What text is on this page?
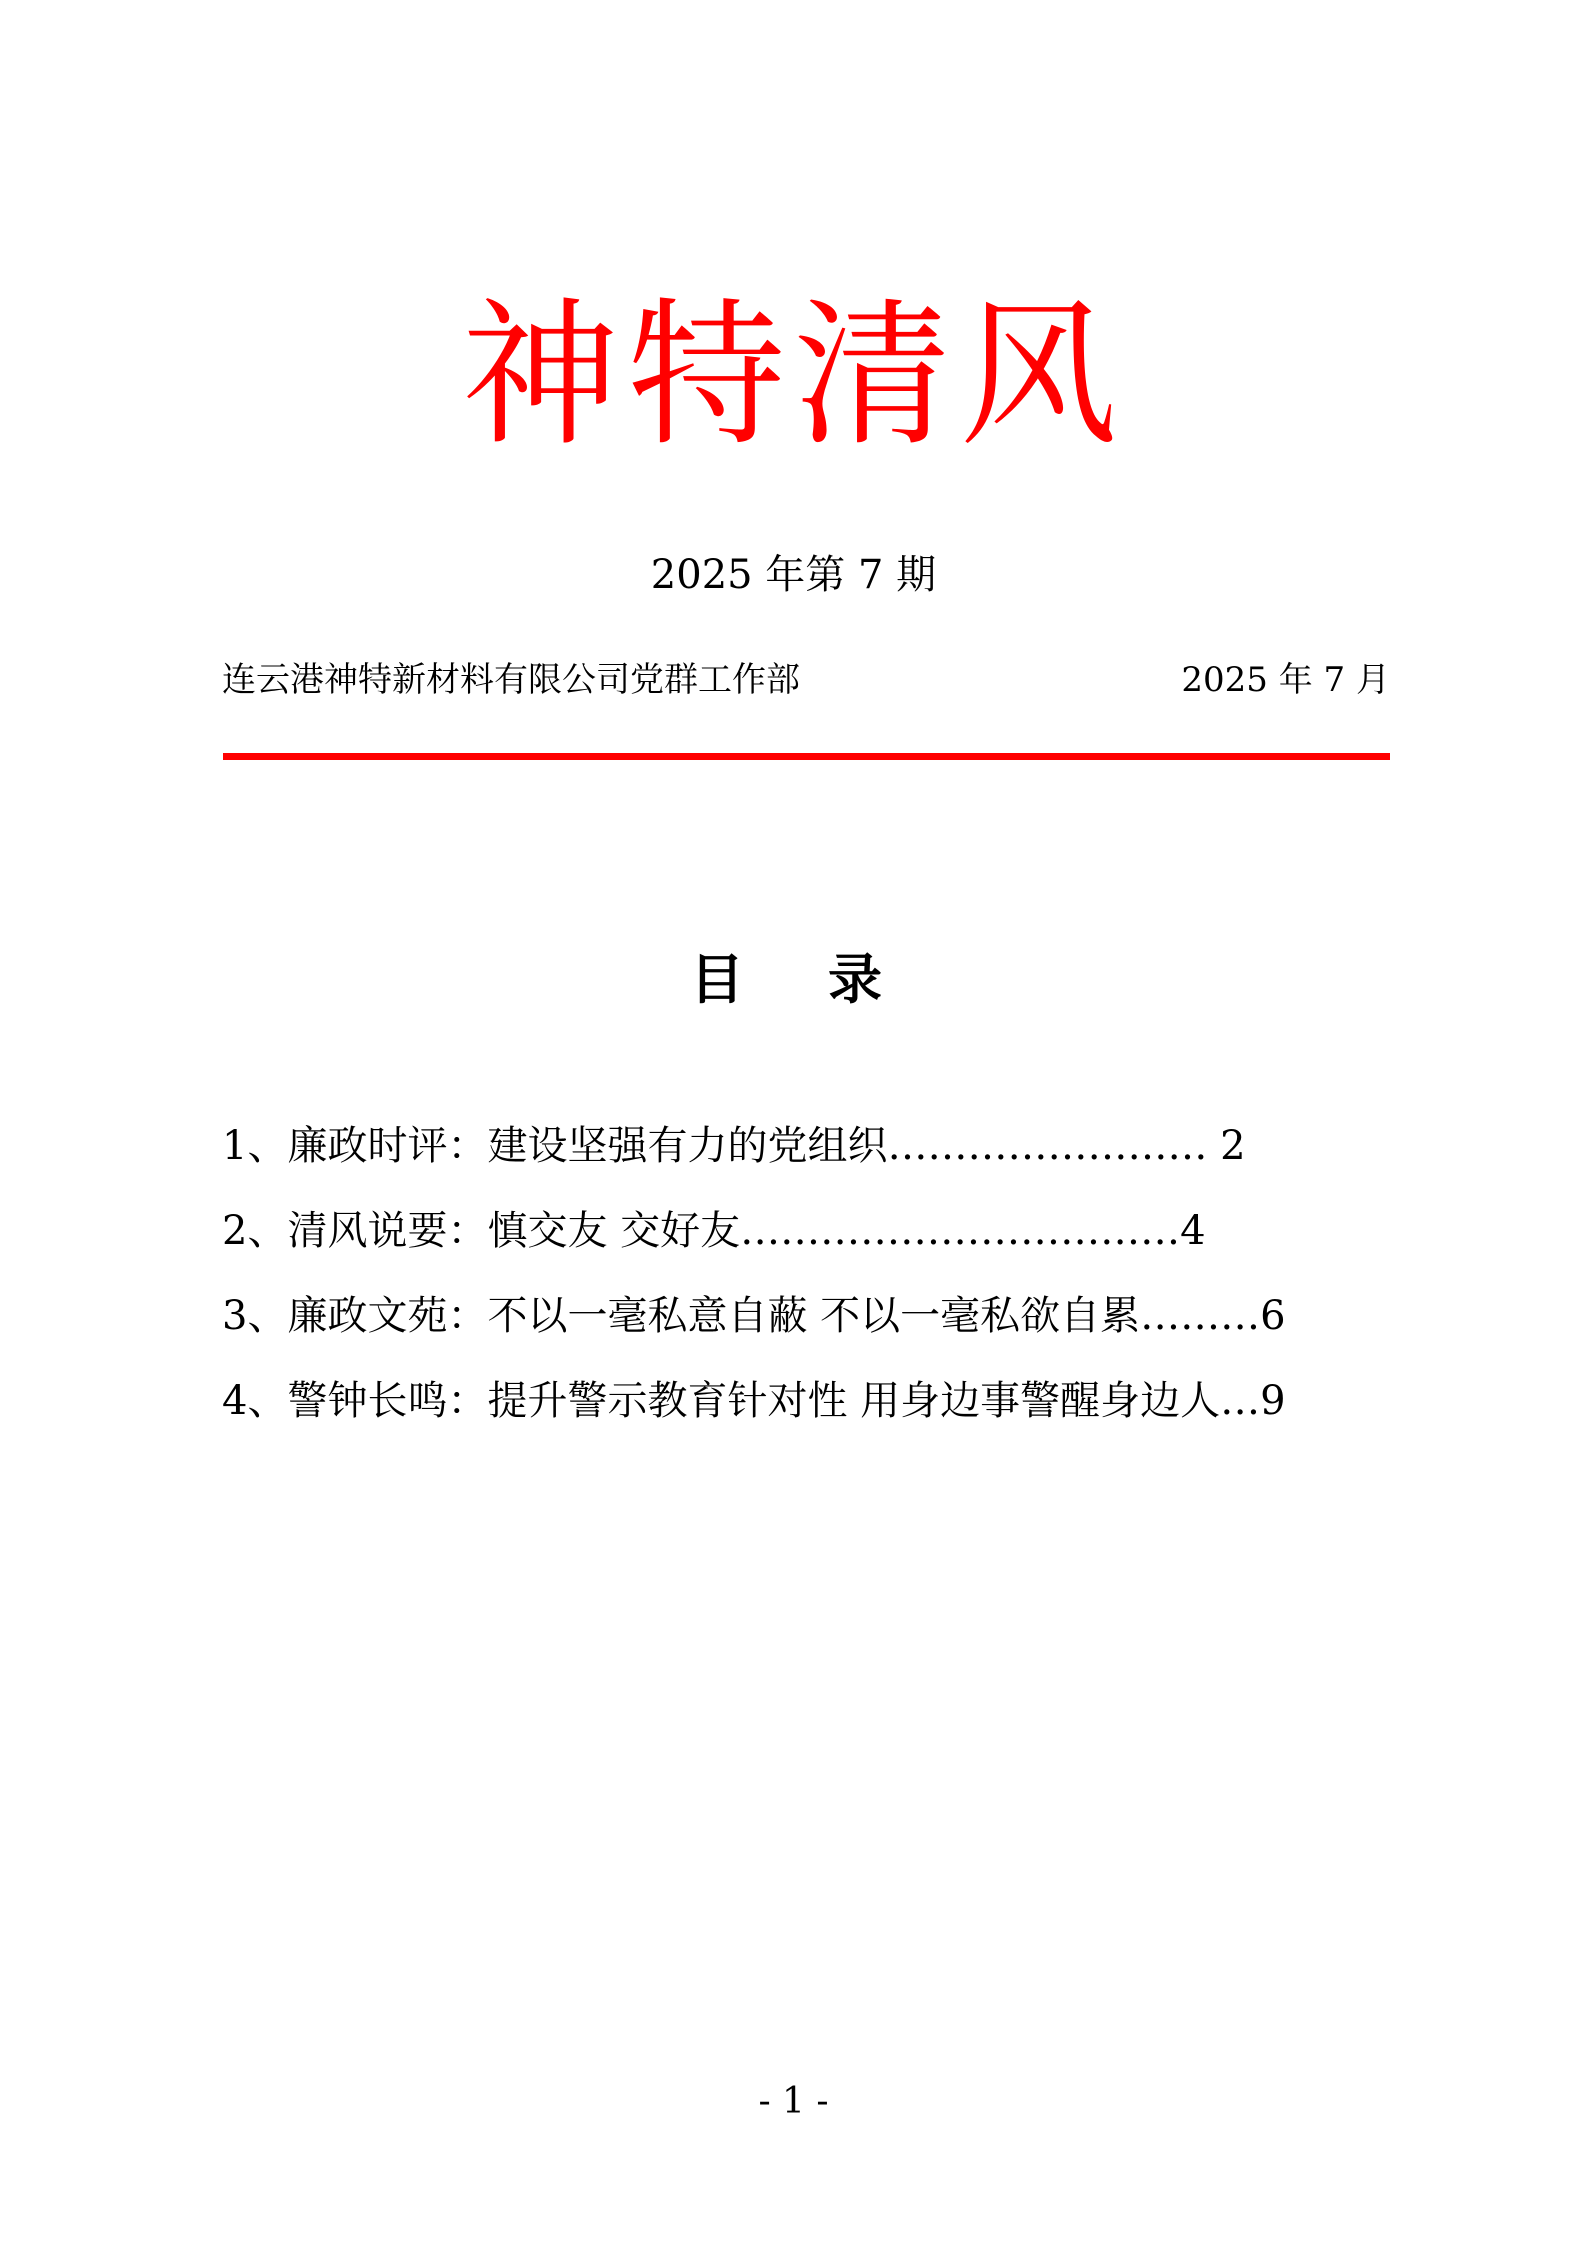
神特清风
2025 年第 7 期
连云港神特新材料有限公司党群工作部	2025 年 7 月
目　录
1、廉政时评：建设坚强有力的党组织…………………… 2
2、清风说要：慎交友 交好友……………………………4
3、廉政文苑：不以一毫私意自蔽 不以一毫私欲自累………6
4、警钟长鸣：提升警示教育针对性 用身边事警醒身边人…9
- 1 -
